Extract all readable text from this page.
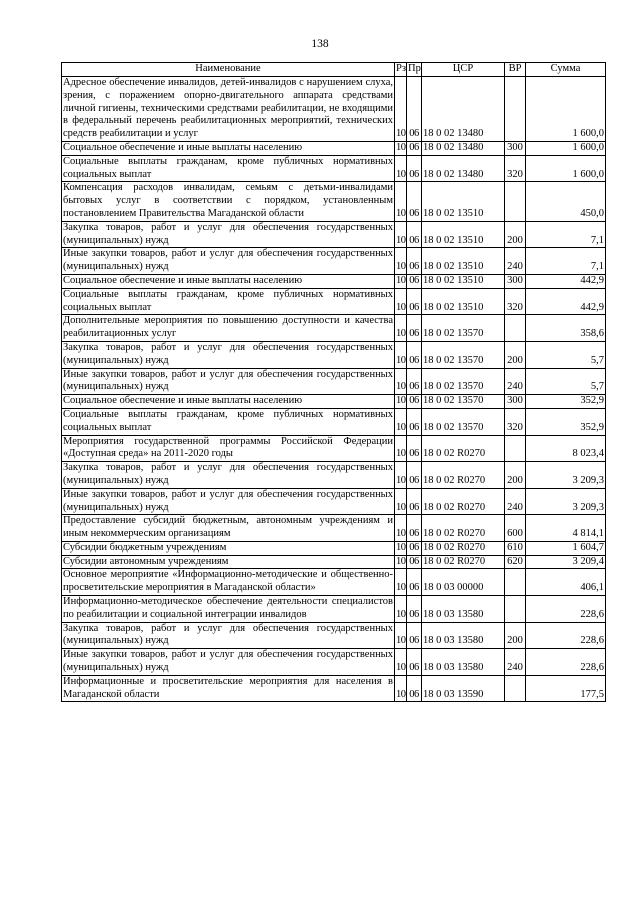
138
Наименование	Рз	Пр	ЦСР	ВР	Сумма
Адресное обеспечение инвалидов, детей-инвалидов с нарушением слуха, зрения, с поражением опорно-двигательного аппарата средствами личной гигиены, техническими средствами реабилитации, не входящими в федеральный перечень реабилитационных мероприятий, технических средств реабилитации и услуг	10	06	18 0 02 13480		1 600,0
Социальное обеспечение и иные выплаты населению	10	06	18 0 02 13480	300	1 600,0
Социальные выплаты гражданам, кроме публичных нормативных социальных выплат	10	06	18 0 02 13480	320	1 600,0
Компенсация расходов инвалидам, семьям с детьми-инвалидами бытовых услуг в соответствии с порядком, установленным постановлением Правительства Магаданской области	10	06	18 0 02 13510		450,0
Закупка товаров, работ и услуг для обеспечения государственных (муниципальных) нужд	10	06	18 0 02 13510	200	7,1
Иные закупки товаров, работ и услуг для обеспечения государственных (муниципальных) нужд	10	06	18 0 02 13510	240	7,1
Социальное обеспечение и иные выплаты населению	10	06	18 0 02 13510	300	442,9
Социальные выплаты гражданам, кроме публичных нормативных социальных выплат	10	06	18 0 02 13510	320	442,9
Дополнительные мероприятия по повышению доступности и качества реабилитационных услуг	10	06	18 0 02 13570		358,6
Закупка товаров, работ и услуг для обеспечения государственных (муниципальных) нужд	10	06	18 0 02 13570	200	5,7
Иные закупки товаров, работ и услуг для обеспечения государственных (муниципальных) нужд	10	06	18 0 02 13570	240	5,7
Социальное обеспечение и иные выплаты населению	10	06	18 0 02 13570	300	352,9
Социальные выплаты гражданам, кроме публичных нормативных социальных выплат	10	06	18 0 02 13570	320	352,9
Мероприятия государственной программы Российской Федерации «Доступная среда» на 2011-2020 годы	10	06	18 0 02 R0270		8 023,4
Закупка товаров, работ и услуг для обеспечения государственных (муниципальных) нужд	10	06	18 0 02 R0270	200	3 209,3
Иные закупки товаров, работ и услуг для обеспечения государственных (муниципальных) нужд	10	06	18 0 02 R0270	240	3 209,3
Предоставление субсидий бюджетным, автономным учреждениям и иным некоммерческим организациям	10	06	18 0 02 R0270	600	4 814,1
Субсидии бюджетным учреждениям	10	06	18 0 02 R0270	610	1 604,7
Субсидии автономным учреждениям	10	06	18 0 02 R0270	620	3 209,4
Основное мероприятие «Информационно-методические и общественно-просветительские мероприятия в Магаданской области»	10	06	18 0 03 00000		406,1
Информационно-методическое обеспечение деятельности специалистов по реабилитации и социальной интеграции инвалидов	10	06	18 0 03 13580		228,6
Закупка товаров, работ и услуг для обеспечения государственных (муниципальных) нужд	10	06	18 0 03 13580	200	228,6
Иные закупки товаров, работ и услуг для обеспечения государственных (муниципальных) нужд	10	06	18 0 03 13580	240	228,6
Информационные и просветительские мероприятия для населения в Магаданской области	10	06	18 0 03 13590		177,5
